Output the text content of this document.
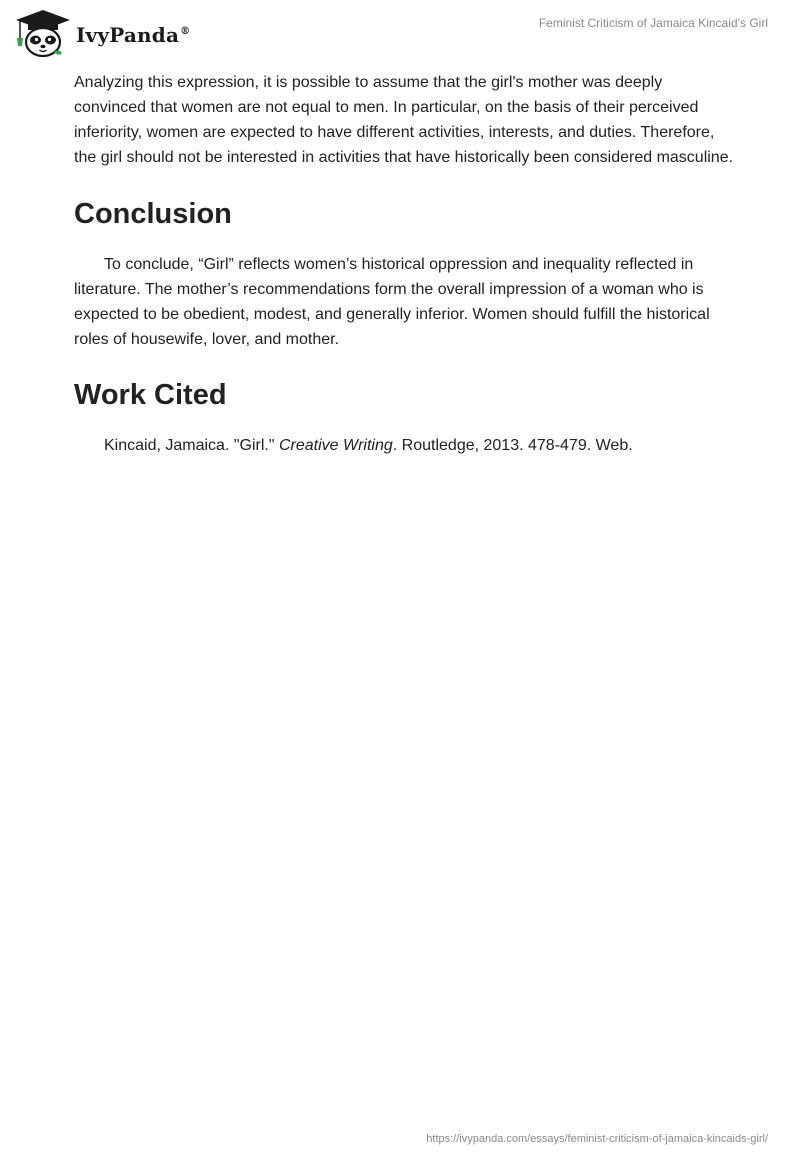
IvyPanda®
Feminist Criticism of Jamaica Kincaid’s Girl

Analyzing this expression, it is possible to assume that the girl's mother was deeply convinced that women are not equal to men. In particular, on the basis of their perceived inferiority, women are expected to have different activities, interests, and duties. Therefore, the girl should not be interested in activities that have historically been considered masculine.

Conclusion

To conclude, “Girl” reflects women’s historical oppression and inequality reflected in literature. The mother’s recommendations form the overall impression of a woman who is expected to be obedient, modest, and generally inferior. Women should fulfill the historical roles of housewife, lover, and mother.

Work Cited

Kincaid, Jamaica. "Girl." Creative Writing. Routledge, 2013. 478-479. Web.

https://ivypanda.com/essays/feminist-criticism-of-jamaica-kincaids-girl/
